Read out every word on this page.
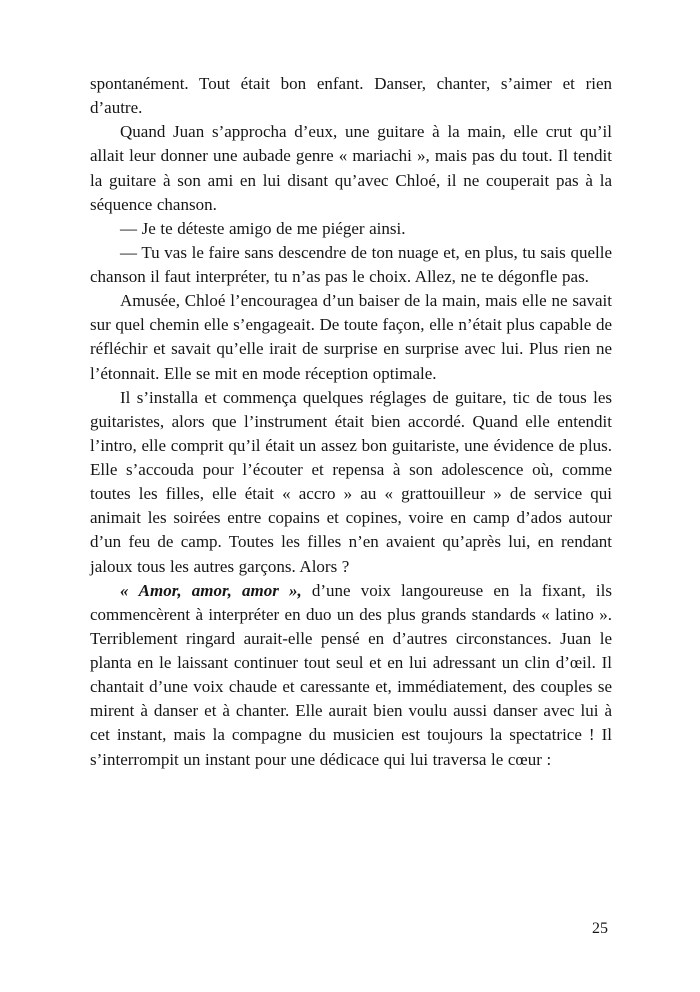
spontanément. Tout était bon enfant. Danser, chanter, s’aimer et rien d’autre.

Quand Juan s’approcha d’eux, une guitare à la main, elle crut qu’il allait leur donner une aubade genre « mariachi », mais pas du tout. Il tendit la guitare à son ami en lui disant qu’avec Chloé, il ne couperait pas à la séquence chanson.

— Je te déteste amigo de me piéger ainsi.

— Tu vas le faire sans descendre de ton nuage et, en plus, tu sais quelle chanson il faut interpréter, tu n’as pas le choix. Allez, ne te dégonfle pas.

Amusée, Chloé l’encouragea d’un baiser de la main, mais elle ne savait sur quel chemin elle s’engageait. De toute façon, elle n’était plus capable de réfléchir et savait qu’elle irait de surprise en surprise avec lui. Plus rien ne l’étonnait. Elle se mit en mode réception optimale.

Il s’installa et commença quelques réglages de guitare, tic de tous les guitaristes, alors que l’instrument était bien accordé. Quand elle entendit l’intro, elle comprit qu’il était un assez bon guitariste, une évidence de plus. Elle s’accouda pour l’écouter et repensa à son adolescence où, comme toutes les filles, elle était « accro » au « grattouilleur » de service qui animait les soirées entre copains et copines, voire en camp d’ados autour d’un feu de camp. Toutes les filles n’en avaient qu’après lui, en rendant jaloux tous les autres garçons. Alors ?

« Amor, amor, amor », d’une voix langoureuse en la fixant, ils commencèrent à interpréter en duo un des plus grands standards « latino ». Terriblement ringard aurait-elle pensé en d’autres circonstances. Juan le planta en le laissant continuer tout seul et en lui adressant un clin d’œil. Il chantait d’une voix chaude et caressante et, immédiatement, des couples se mirent à danser et à chanter. Elle aurait bien voulu aussi danser avec lui à cet instant, mais la compagne du musicien est toujours la spectatrice ! Il s’interrompit un instant pour une dédicace qui lui traversa le cœur :

25
